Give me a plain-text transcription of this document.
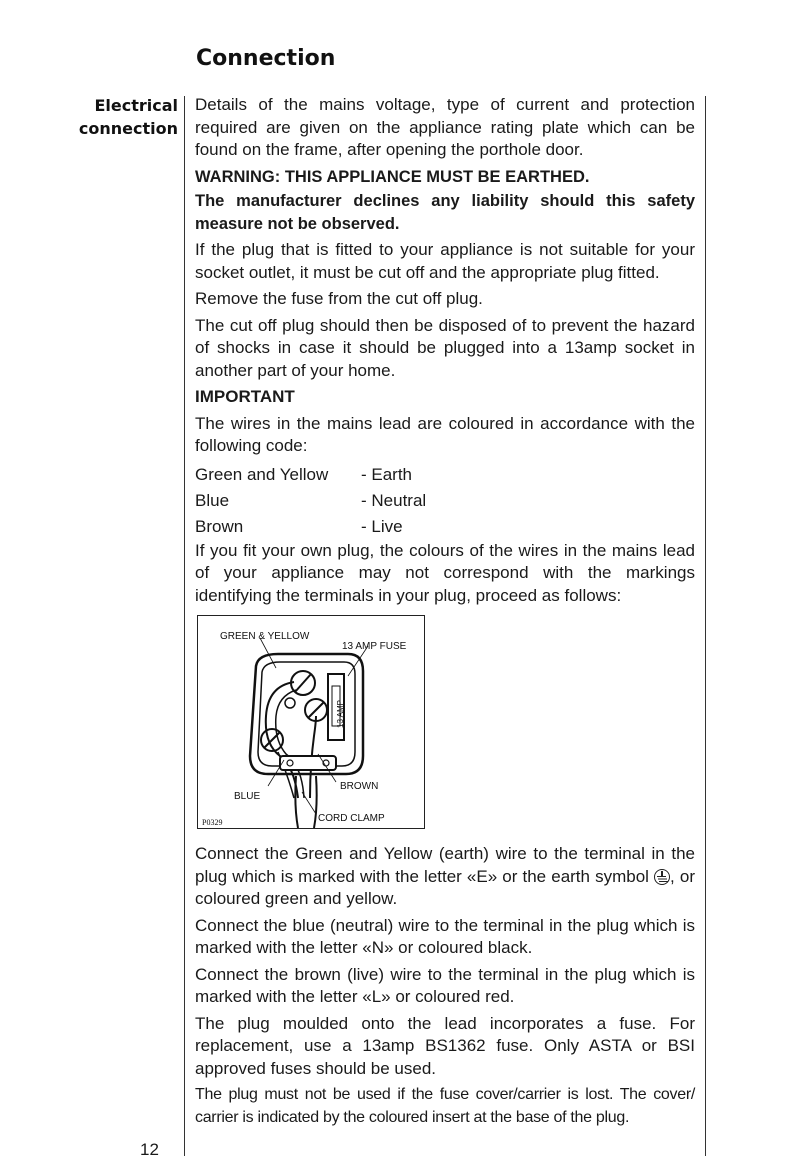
Connection
Electrical
connection

Details of the mains voltage, type of current and protection required are given on the appliance rating plate which can be found on the frame, after opening the porthole door.

WARNING: THIS APPLIANCE MUST BE EARTHED.

The manufacturer declines any liability should this safety measure not be observed.

If the plug that is fitted to your appliance is not suitable for your socket outlet, it must be cut off and the appropriate plug fitted.

Remove the fuse from the cut off plug.

The cut off plug should then be disposed of to prevent the hazard of shocks in case it should be plugged into a 13amp socket in another part of your home.

IMPORTANT

The wires in the mains lead are coloured in accordance with the following code:

Green and Yellow	- Earth
Blue	- Neutral
Brown	- Live

If you fit your own plug, the colours of the wires in the mains lead of your appliance may not correspond with the markings identifying the terminals in your plug, proceed as follows:

GREEN & YELLOW
13 AMP FUSE
13 AMP
BLUE
BROWN
CORD CLAMP
P0329

Connect the Green and Yellow (earth) wire to the terminal in the plug which is marked with the letter «E» or the earth symbol , or coloured green and yellow.

Connect the blue (neutral) wire to the terminal in the plug which is marked with the letter «N» or coloured black.

Connect the brown (live) wire to the terminal in the plug which is marked with the letter «L» or coloured red.

The plug moulded onto the lead incorporates a fuse. For replacement, use a 13amp BS1362 fuse. Only ASTA or BSI approved fuses should be used.

The plug must not be used if the fuse cover/carrier is lost. The cover/ carrier is indicated by the coloured insert at the base of the plug.

12
